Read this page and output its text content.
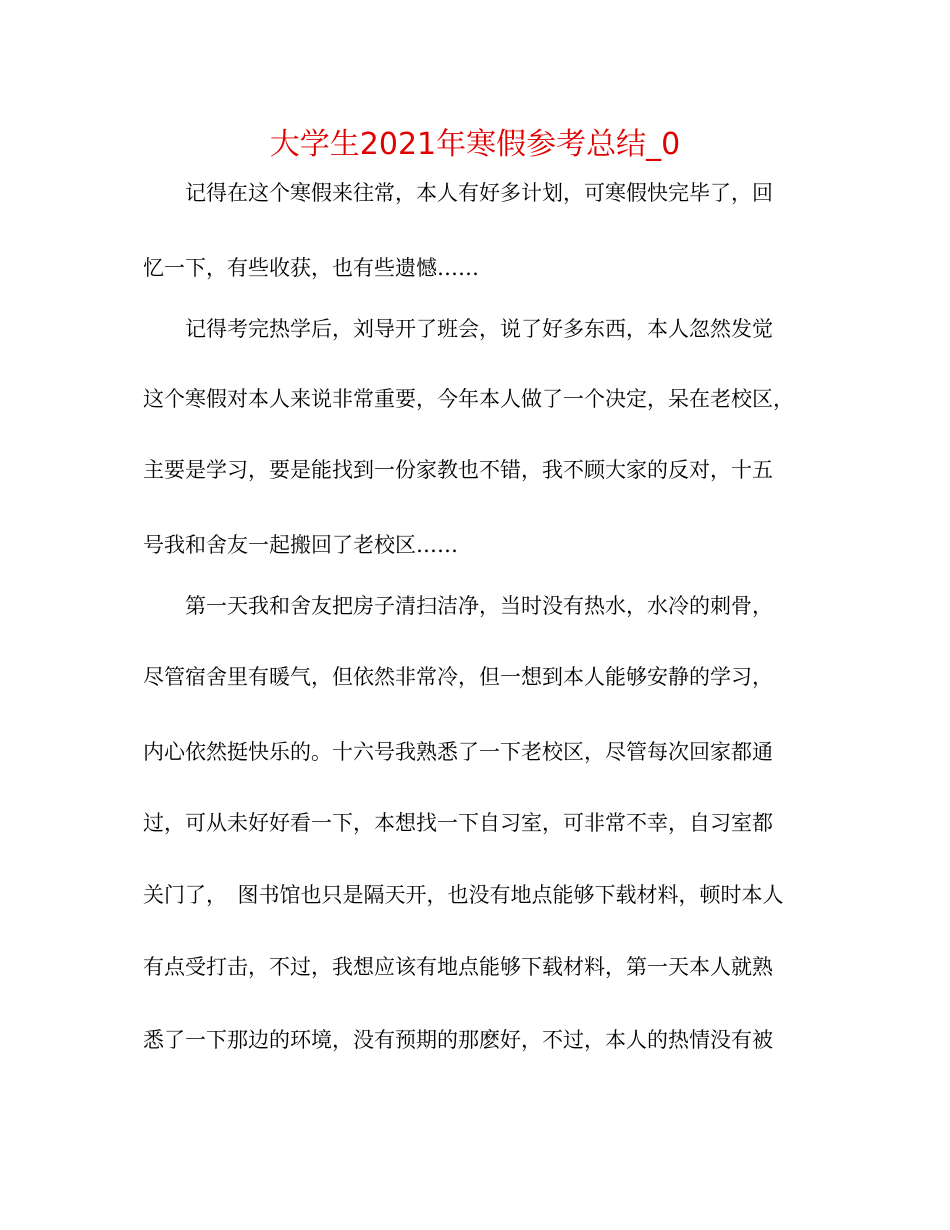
大学生2021年寒假参考总结_0

　　记得在这个寒假来往常，本人有好多计划，可寒假快完毕了，回

忆一下，有些收获，也有些遗憾……

　　记得考完热学后，刘导开了班会，说了好多东西，本人忽然发觉

这个寒假对本人来说非常重要，今年本人做了一个决定，呆在老校区，

主要是学习，要是能找到一份家教也不错，我不顾大家的反对，十五

号我和舍友一起搬回了老校区……

　　第一天我和舍友把房子清扫洁净，当时没有热水，水冷的刺骨，

尽管宿舍里有暖气，但依然非常冷，但一想到本人能够安静的学习，

内心依然挺快乐的。十六号我熟悉了一下老校区，尽管每次回家都通

过，可从未好好看一下，本想找一下自习室，可非常不幸，自习室都

关门了，　图书馆也只是隔天开，也没有地点能够下载材料，顿时本人

有点受打击，不过，我想应该有地点能够下载材料，第一天本人就熟

悉了一下那边的环境，没有预期的那麽好，不过，本人的热情没有被
